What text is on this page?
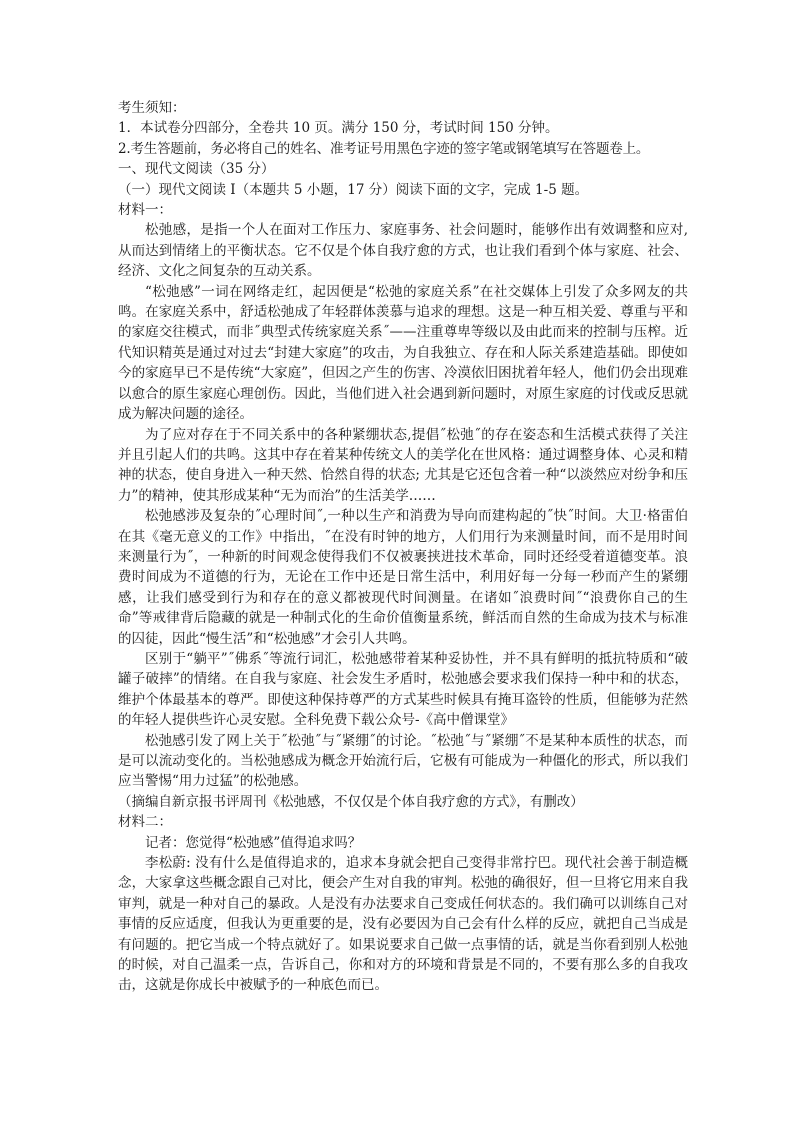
考生须知：
1．本试卷分四部分，全卷共 10 页。满分 150 分，考试时间 150 分钟。
2.考生答题前，务必将自己的姓名、准考证号用黑色字迹的签字笔或钢笔填写在答题卷上。
一、现代文阅读（35 分）
（一）现代文阅读 I（本题共 5 小题，17 分）阅读下面的文字，完成 1-5 题。
材料一：
松弛感，是指一个人在面对工作压力、家庭事务、社会问题时，能够作出有效调整和应对,从而达到情绪上的平衡状态。它不仅是个体自我疗愈的方式，也让我们看到个体与家庭、社会、经济、文化之间复杂的互动关系。
“松弛感”一词在网络走红，起因便是“松弛的家庭关系”在社交媒体上引发了众多网友的共鸣。在家庭关系中，舒适松弛成了年轻群体羡慕与追求的理想。这是一种互相关爱、尊重与平和的家庭交往模式，而非˝典型式传统家庭关系˝——注重尊卑等级以及由此而来的控制与压榨。近代知识精英是通过对过去“封建大家庭”的攻击，为自我独立、存在和人际关系建造基础。即使如今的家庭早已不是传统“大家庭”，但因之产生的伤害、冷漠依旧困扰着年轻人，他们仍会出现难以愈合的原生家庭心理创伤。因此，当他们进入社会遇到新问题时，对原生家庭的讨伐或反思就成为解决问题的途径。
为了应对存在于不同关系中的各种紧绷状态,提倡˝松弛˝的存在姿态和生活模式获得了关注并且引起人们的共鸣。这其中存在着某种传统文人的美学化在世风格：通过调整身体、心灵和精神的状态，使自身进入一种天然、恰然自得的状态; 尤其是它还包含着一种“以淡然应对纷争和压力”的精神，使其形成某种“无为而治”的生活美学……
松弛感涉及复杂的˝心理时间˝,一种以生产和消费为导向而建构起的˝快˝时间。大卫·格雷伯在其《毫无意义的工作》中指出，˝在没有时钟的地方，人们用行为来测量时间，而不是用时间来测量行为˝，一种新的时间观念使得我们不仅被裹挟进技术革命，同时还经受着道德变革。浪费时间成为不道德的行为，无论在工作中还是日常生活中，利用好每一分每一秒而产生的紧绷感，让我们感受到行为和存在的意义都被现代时间测量。在诸如˝浪费时间˝“浪费你自己的生命”等戒律背后隐藏的就是一种制式化的生命价值衡量系统，鲜活而自然的生命成为技术与标准的囚徒，因此“慢生活”和“松弛感”才会引人共鸣。
区别于“躺平”˝佛系˝等流行词汇，松弛感带着某种妥协性，并不具有鲜明的抵抗特质和“破罐子破摔”的情绪。在自我与家庭、社会发生矛盾时，松弛感会要求我们保持一种中和的状态，维护个体最基本的尊严。即使这种保持尊严的方式某些时候具有掩耳盗铃的性质，但能够为茫然的年轻人提供些许心灵安慰。全科免费下载公众号-《高中僧课堂》
松弛感引发了网上关于˝松弛˝与˝紧绷˝的讨论。˝松弛˝与˝紧绷˝不是某种本质性的状态，而是可以流动变化的。当松弛感成为概念开始流行后，它极有可能成为一种僵化的形式，所以我们应当警惕“用力过猛”的松弛感。
（摘编自新京报书评周刊《松弛感，不仅仅是个体自我疗愈的方式》，有删改）
材料二：
记者：您觉得“松弛感”值得追求吗？
李松蔚: 没有什么是值得追求的，追求本身就会把自己变得非常拧巴。现代社会善于制造概念，大家拿这些概念跟自己对比，便会产生对自我的审判。松弛的确很好，但一旦将它用来自我审判，就是一种对自己的暴政。人是没有办法要求自己变成任何状态的。我们确可以训练自己对事情的反应适度，但我认为更重要的是，没有必要因为自己会有什么样的反应，就把自己当成是有问题的。把它当成一个特点就好了。如果说要求自己做一点事情的话，就是当你看到别人松弛的时候，对自己温柔一点，告诉自己，你和对方的环境和背景是不同的，不要有那么多的自我攻击，这就是你成长中被赋予的一种底色而已。
